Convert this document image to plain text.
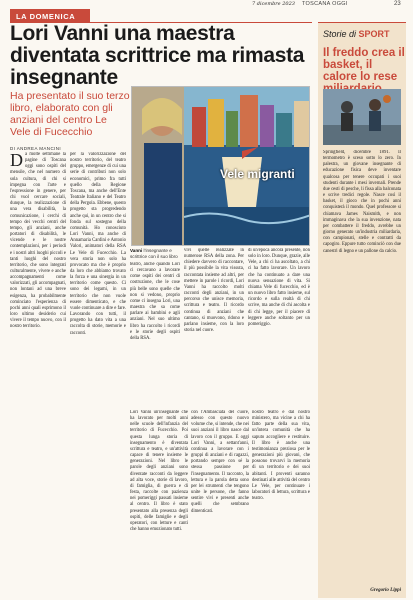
7 dicembre 2023 TOSCANA OGGI	23
LA DOMENICA
Lori Vanni una maestra diventata scrittrice ma rimasta insegnante
Ha presentato il suo terzo libro, elaborato con gli anziani del centro Le Vele di Fucecchio
DI ANDREA MANCINI
D a molte settimane la pagine di Toscana oggi sono ospiti del mensile, che nel numero di sola cultura, di chi si impegna con l'arte e l'espressione in genere, per chi vuol cercare sociali, dunque, la realizzazione di una vera disabilità, la comunicazione, i cerchi di tempo dei vecchi centri del tempo, gli anziani, anche portatori di disabilità, le vicende e le nostre contemplazioni, per i periodi e i nostri altri luoghi piccoli e tanti luoghi del nostro territorio, che sono integrati culturalmente, vivere e anche accompagnamenti come valorizzati, gli accompagnati, non lontani ad una breve esigenza, ha probabilmente cominciato l'esperienza di pochi anni quali esprimono il loro ultimo desiderio cui vivere il tempo nuovo, con il nostro territorio.
per la valorizzazione del nostro territorio, del teatro gruppo, emergenze di cui una serie di contributi non solo economici, primo fra tutti quello della Regione Toscana, ma anche dell'Ente Teatrale Italiano e del Teatro della Pergola. Ebbene, questo progetto sta progredendo anche qui, in un centro che si fonda sul sostegno della comunità. Ho conosciuto Lori Vanni, ma anche di Annamaria Cardini e Antonio Valori, animatori della RSA Le Vele di Fucecchio. La vera storia non solo ha provocato ma che è proprio da loro che abbiamo trovato la forza e una sinergia in un territorio come questo. Ci sono dei legami, in un territorio che non vuole essere dimenticato, e che vuole continuare a dire e fare. Lavorando con tutti, il progetto ha dato vita a una raccolta di storie, memorie e racconti.
Vele migranti
Vanni l'insegnante e scrittrice con il suo libro
teatro, anche quando Lori ci cercavano a lavorare come ospiti dei centri di costruzione, che le cose più belle sono quelle che non si vedono, proprio come ci insegna Lori, una maestra che sa come parlare ai bambini e agli anziani. Nel suo ultimo libro ha raccolto i ricordi e le storie degli ospiti della RSA.
vivi quelle realizzate in numerose RSA della zona. Per chiedere davvero di raccontare, il più possibile la vita vissuta, raccontata insieme ad altri, per mettere in parole i ricordi, Lori Vanni ha raccolto molti racconti degli anziani, in un percorso che unisce memoria, scrittura e teatro. Il ricordo continua di anziani che cantano, si muovono, ridono e parlano insieme, con la loro storia nel cuore.
di un'epoca ancora presente, non solo in loro. Dunque, grazie, alle Vele, a chi ci ha ascoltato, a chi ci ha fatto lavorare. Un lavoro che ha continuato a dare una nuova sensazione di vita. Si chiama Vele di fucecchio, ed è un nuovo libro fatto insieme, sul ricordo e sulla realtà di chi scrive, ma anche di chi ascolta e di chi legge, per il piacere di leggere anche soltanto per un pomeriggio.
Lori Vanni un'insegnante che ha lavorato per molti anni nelle scuole dell'infanzia del territorio di Fucecchio. Poi questa lunga storia di insegnamento è diventata scrittura e teatro, e un'attività capace di tenere insieme le generazioni. Nel libro le parole degli anziani sono diventate racconti da leggere ad alta voce, storie di lavoro, di famiglia, di guerra e di festa, raccolte con pazienza nei pomeriggi passati insieme al centro. Il libro è stato presentato alla presenza degli ospiti, delle famiglie e degli operatori, con letture e canti che hanno emozionato tutti.
con l'Ambasciata del cuore, adesso con questo nuovo volume che, si intende, che nei suoi anziani il libro nasce dal lavoro con il gruppo. E oggi Lori Vanni, a settant'anni, continua a lavorare con i gruppi di anziani e di ragazzi, portando sempre con sé la stessa passione per l'insegnamento. Il racconto, la lettura e la parola detta sono per lei strumenti che tengono unite le persone, che fanno sentire vivi e presenti anche quelli che sembrano dimenticati.
nostro teatro e dal nostro ministero, ma vicine a chi ha fatto parte della sua vita, un'intera comunità che ha saputo accogliere e restituire. Il libro è anche una testimonianza preziosa per le generazioni più giovani, che possono trovarvi la memoria di un territorio e dei suoi abitanti. I proventi saranno destinati alle attività del centro Le Vele, per continuare i laboratori di lettura, scrittura e teatro.
Storie di SPORT
Il freddo crea il basket, il calore lo rese
Springfield, dicembre 1891. Il termometro è sceso sotto lo zero. In palestra, un giovane insegnante di educazione fisica deve inventare qualcosa per tenere occupati i suoi studenti durante i mesi invernali. Prende due cesti di pesche, li fissa alla balconata e scrive tredici regole. Nasce così il basket, il gioco che in pochi anni conquisterà il mondo. Quel professore si chiamava James Naismith, e non immaginava che la sua invenzione, nata per combattere il freddo, avrebbe un giorno generato un'industria miliardaria, con campionati, stelle e contratti da capogiro. Eppure tutto cominciò con due canestri di legno e un pallone da calcio.
Gregorio Lippi
